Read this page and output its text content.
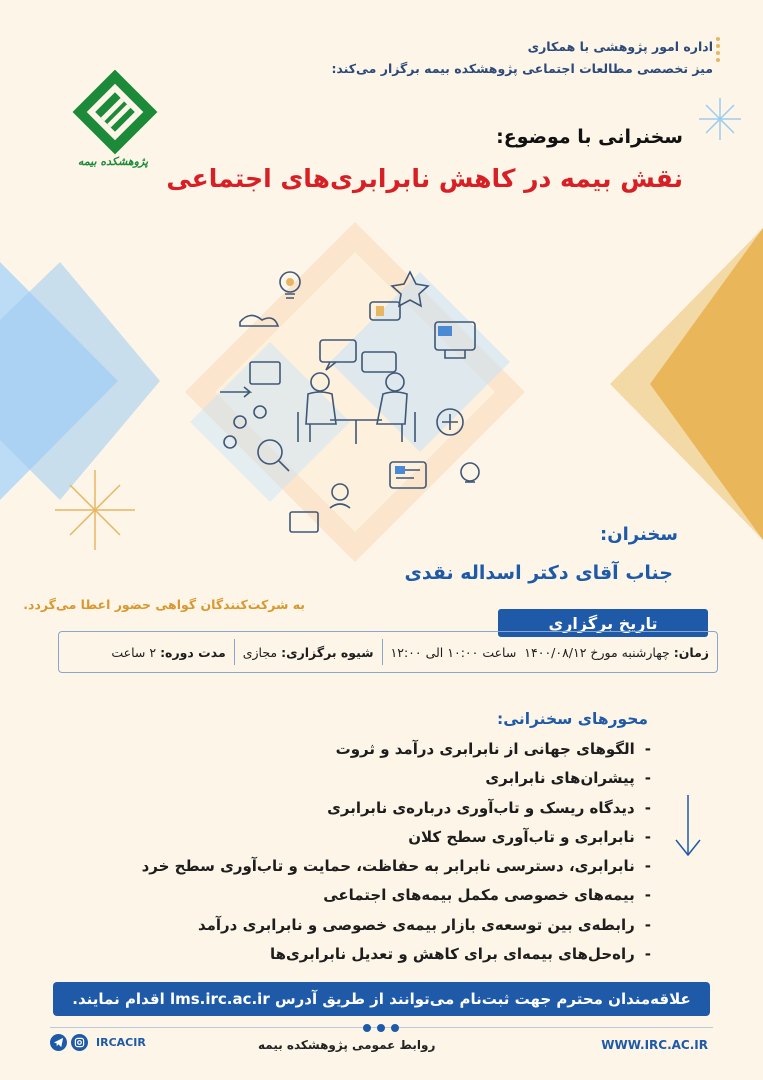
اداره امور پژوهشی با همکاری
میز تخصصی مطالعات اجتماعی پژوهشکده بیمه برگزار می‌کند:
پژوهشکده بیمه
سخنرانی با موضوع:
نقش بیمه در کاهش نابرابری‌های اجتماعی
سخنران:
جناب آقای دکتر اسداله نقدی
به شرکت‌کنندگان گواهی حضور اعطا می‌گردد.
تاریخ برگزاری
زمان:
چهارشنبه مورخ ۱۴۰۰/۰۸/۱۲

ساعت ۱۰:۰۰ الی ۱۲:۰۰
شیوه برگزاری:
مجازی
مدت دوره:
۲ ساعت
محورهای سخنرانی:
-الگوهای جهانی از نابرابری درآمد و ثروت
-پیشران‌های نابرابری
-دیدگاه ریسک و تاب‌آوری درباره‌ی نابرابری
-نابرابری و تاب‌آوری سطح کلان
-نابرابری، دسترسی نابرابر به حفاظت، حمایت و تاب‌آوری سطح خرد
-بیمه‌های خصوصی مکمل بیمه‌های اجتماعی
-رابطه‌ی بین توسعه‌ی بازار بیمه‌ی خصوصی و نابرابری درآمد
-راه‌حل‌های بیمه‌ای برای کاهش و تعدیل نابرابری‌ها
علاقه‌مندان محترم جهت ثبت‌نام می‌توانند از طریق آدرس lms.irc.ac.ir اقدام نمایند.
WWW.IRC.AC.IR
روابط عمومی پژوهشکده بیمه
IRCACIR
